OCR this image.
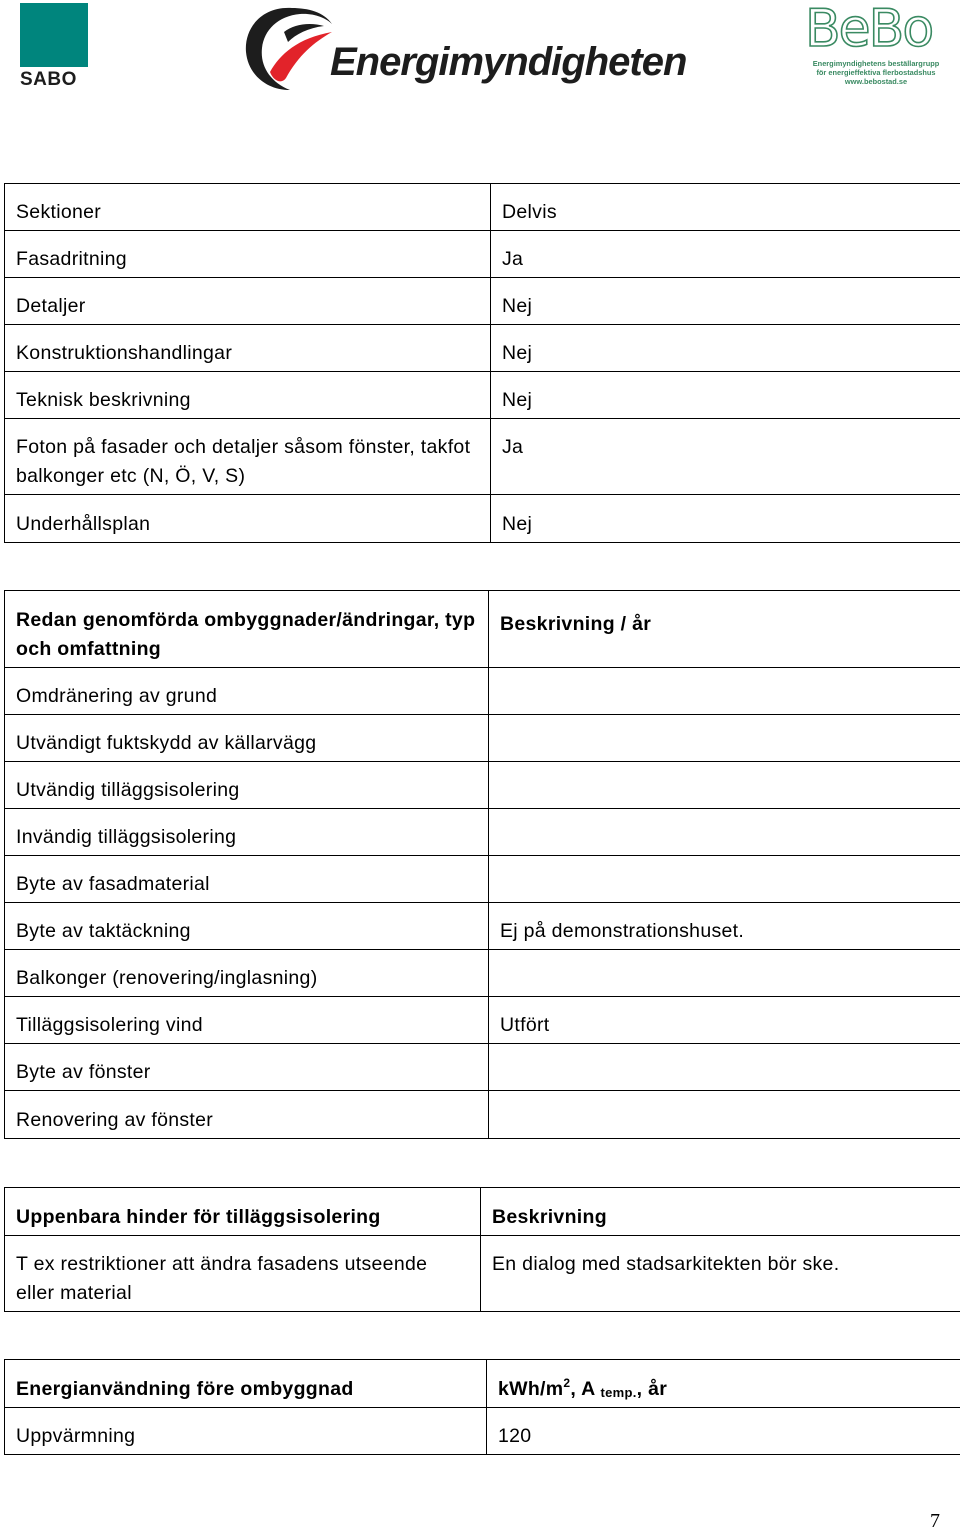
SABO	Energimyndigheten
BeBo
Energimyndighetens beställargrupp
för energieffektiva flerbostadshus
www.bebostad.se
Sektioner	Delvis
Fasadritning	Ja
Detaljer	Nej
Konstruktionshandlingar	Nej
Teknisk beskrivning	Nej
Foton på fasader och detaljer såsom fönster, takfot balkonger etc (N, Ö, V, S)	Ja
Underhållsplan	Nej
Redan genomförda ombyggnader/ändringar, typ och omfattning	Beskrivning / år
Omdränering av grund	
Utvändigt fuktskydd av källarvägg	
Utvändig tilläggsisolering	
Invändig tilläggsisolering	
Byte av fasadmaterial	
Byte av taktäckning	Ej på demonstrationshuset.
Balkonger (renovering/inglasning)	
Tilläggsisolering vind	Utfört
Byte av fönster	
Renovering av fönster	
Uppenbara hinder för tilläggsisolering	Beskrivning
T ex restriktioner att ändra fasadens utseende eller material	En dialog med stadsarkitekten bör ske.
Energianvändning före ombyggnad	kWh/$m^2$, A $_{temp.}$, år
Uppvärmning	120
7
